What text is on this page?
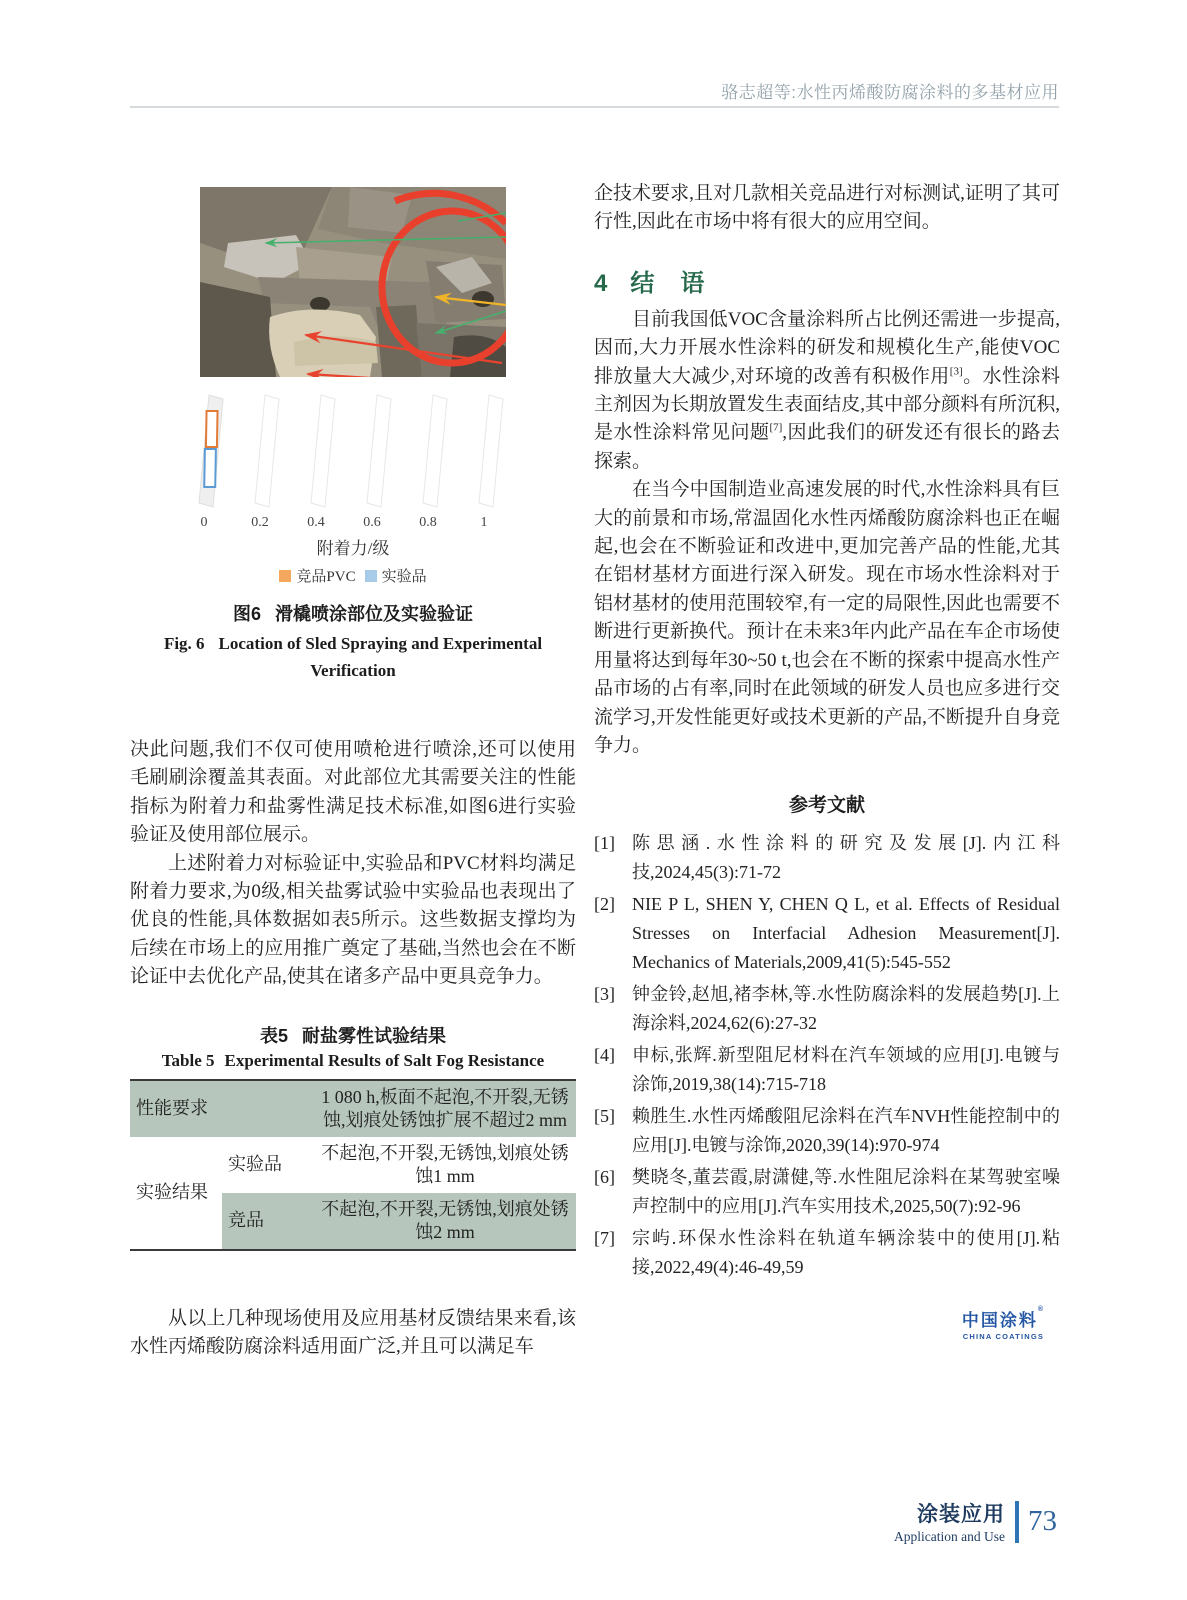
骆志超等:水性丙烯酸防腐涂料的多基材应用
0	0.2	0.4	0.6	0.8	1
附着力/级
竞品PVC 实验品
图6 滑橇喷涂部位及实验验证
Fig. 6 Location of Sled Spraying and Experimental Verification

决此问题,我们不仅可使用喷枪进行喷涂,还可以使用毛刷刷涂覆盖其表面。对此部位尤其需要关注的性能指标为附着力和盐雾性满足技术标准,如图6进行实验验证及使用部位展示。

上述附着力对标验证中,实验品和PVC材料均满足附着力要求,为0级,相关盐雾试验中实验品也表现出了优良的性能,具体数据如表5所示。这些数据支撑均为后续在市场上的应用推广奠定了基础,当然也会在不断论证中去优化产品,使其在诸多产品中更具竞争力。

表5 耐盐雾性试验结果
Table 5 Experimental Results of Salt Fog Resistance
性能要求		1 080 h,板面不起泡,不开裂,无锈蚀,划痕处锈蚀扩展不超过2 mm
实验结果	实验品	不起泡,不开裂,无锈蚀,划痕处锈蚀1 mm
	竞品	不起泡,不开裂,无锈蚀,划痕处锈蚀2 mm

从以上几种现场使用及应用基材反馈结果来看,该水性丙烯酸防腐涂料适用面广泛,并且可以满足车

企技术要求,且对几款相关竞品进行对标测试,证明了其可行性,因此在市场中将有很大的应用空间。

4 结　语

目前我国低VOC含量涂料所占比例还需进一步提高,因而,大力开展水性涂料的研发和规模化生产,能使VOC排放量大大减少,对环境的改善有积极作用[3]。水性涂料主剂因为长期放置发生表面结皮,其中部分颜料有所沉积,是水性涂料常见问题[7],因此我们的研发还有很长的路去探索。

在当今中国制造业高速发展的时代,水性涂料具有巨大的前景和市场,常温固化水性丙烯酸防腐涂料也正在崛起,也会在不断验证和改进中,更加完善产品的性能,尤其在铝材基材方面进行深入研发。现在市场水性涂料对于铝材基材的使用范围较窄,有一定的局限性,因此也需要不断进行更新换代。预计在未来3年内此产品在车企市场使用量将达到每年30~50 t,也会在不断的探索中提高水性产品市场的占有率,同时在此领域的研发人员也应多进行交流学习,开发性能更好或技术更新的产品,不断提升自身竞争力。

参考文献
[1] 陈思涵.水性涂料的研究及发展[J].内江科技,2024,45(3):71-72
[2] NIE P L, SHEN Y, CHEN Q L, et al. Effects of Residual Stresses on Interfacial Adhesion Measurement[J]. Mechanics of Materials,2009,41(5):545-552
[3] 钟金铃,赵旭,褚李林,等.水性防腐涂料的发展趋势[J].上海涂料,2024,62(6):27-32
[4] 申标,张辉.新型阻尼材料在汽车领域的应用[J].电镀与涂饰,2019,38(14):715-718
[5] 赖胜生.水性丙烯酸阻尼涂料在汽车NVH性能控制中的应用[J].电镀与涂饰,2020,39(14):970-974
[6] 樊晓冬,董芸霞,尉潇健,等.水性阻尼涂料在某驾驶室噪声控制中的应用[J].汽车实用技术,2025,50(7):92-96
[7] 宗屿.环保水性涂料在轨道车辆涂装中的使用[J].粘接,2022,49(4):46-49,59
中国涂料®
CHINA COATINGS
涂装应用
Application and Use 73
